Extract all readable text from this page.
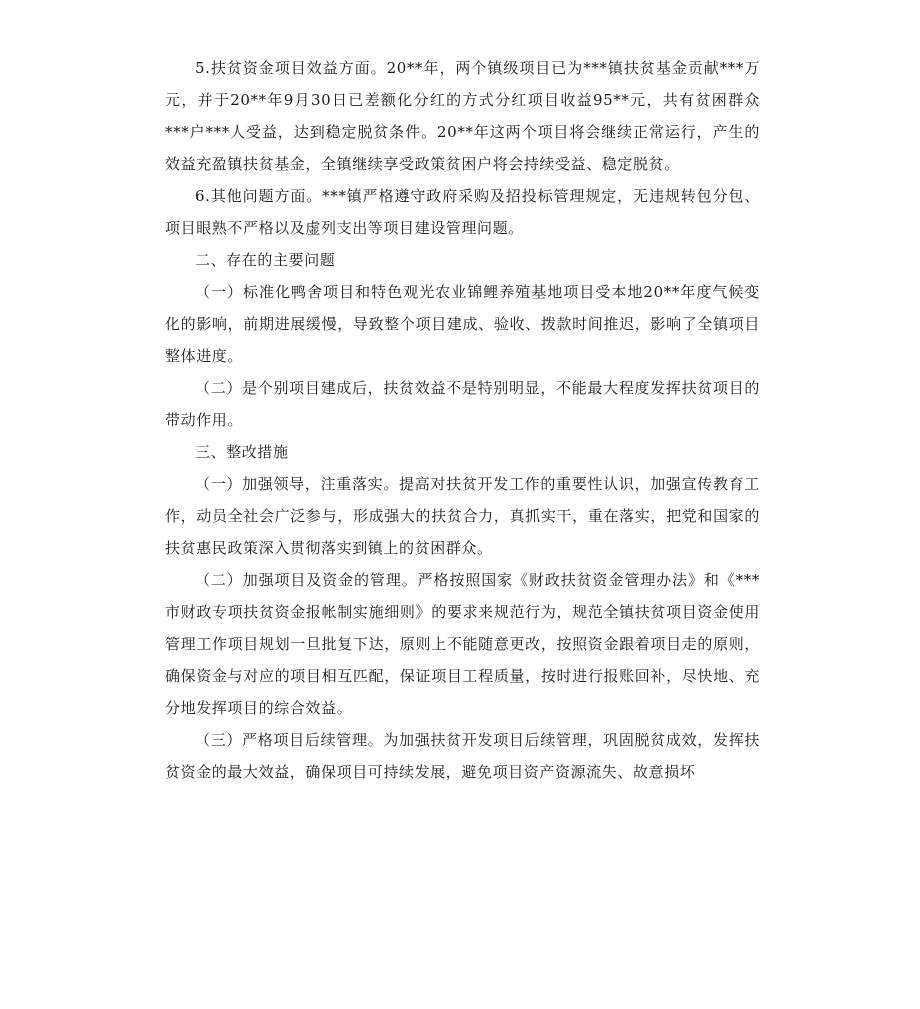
5.扶贫资金项目效益方面。20**年，两个镇级项目已为***镇扶贫基金贡献***万元，并于20**年9月30日已差额化分红的方式分红项目收益95**元，共有贫困群众***户***人受益，达到稳定脱贫条件。20**年这两个项目将会继续正常运行，产生的效益充盈镇扶贫基金，全镇继续享受政策贫困户将会持续受益、稳定脱贫。

6.其他问题方面。***镇严格遵守政府采购及招投标管理规定，无违规转包分包、项目眼熟不严格以及虚列支出等项目建设管理问题。

二、存在的主要问题

（一）标准化鸭舍项目和特色观光农业锦鲤养殖基地项目受本地20**年度气候变化的影响，前期进展缓慢，导致整个项目建成、验收、拨款时间推迟，影响了全镇项目整体进度。

（二）是个别项目建成后，扶贫效益不是特别明显，不能最大程度发挥扶贫项目的带动作用。

三、整改措施

（一）加强领导，注重落实。提高对扶贫开发工作的重要性认识，加强宣传教育工作，动员全社会广泛参与，形成强大的扶贫合力，真抓实干，重在落实，把党和国家的扶贫惠民政策深入贯彻落实到镇上的贫困群众。

（二）加强项目及资金的管理。严格按照国家《财政扶贫资金管理办法》和《***市财政专项扶贫资金报帐制实施细则》的要求来规范行为，规范全镇扶贫项目资金使用管理工作项目规划一旦批复下达，原则上不能随意更改，按照资金跟着项目走的原则，确保资金与对应的项目相互匹配，保证项目工程质量，按时进行报账回补，尽快地、充分地发挥项目的综合效益。

（三）严格项目后续管理。为加强扶贫开发项目后续管理，巩固脱贫成效，发挥扶贫资金的最大效益，确保项目可持续发展，避免项目资产资源流失、故意损坏
